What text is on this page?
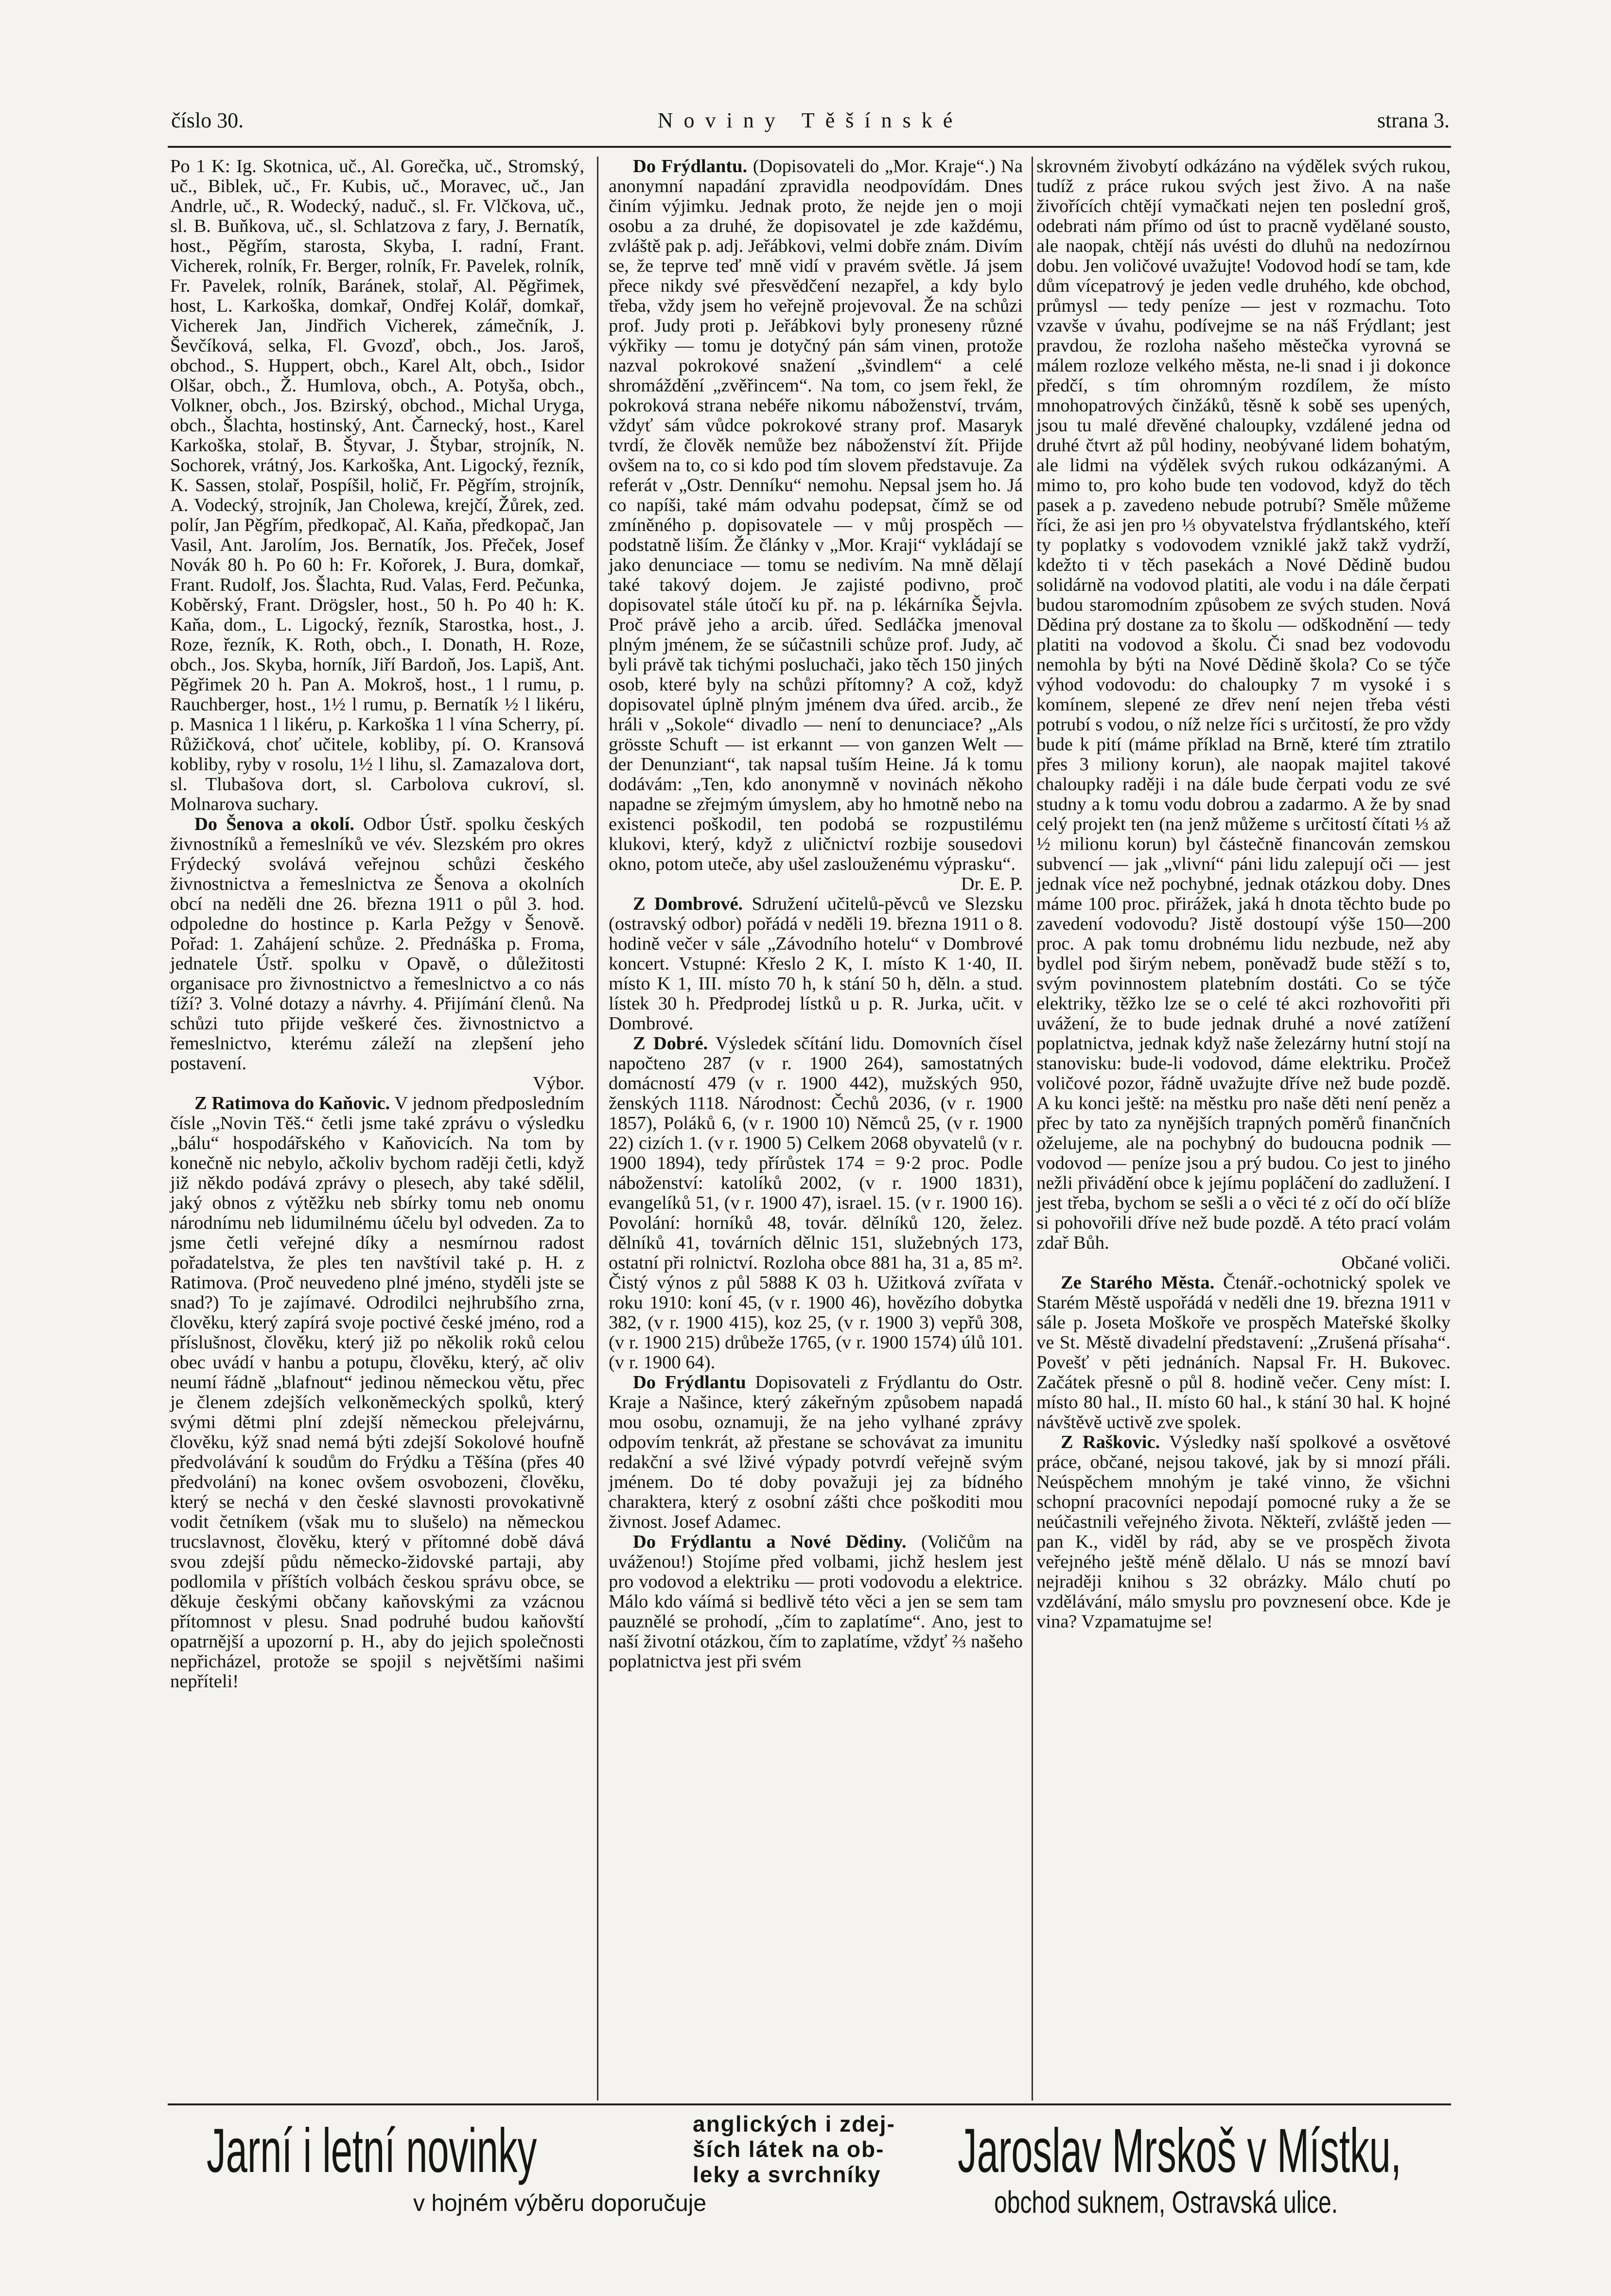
číslo 30.	Noviny Těšínské	strana 3.

Po 1 K: Ig. Skotnica, uč., Al. Gorečka, uč., Stromský, uč., Biblek, uč., Fr. Kubis, uč., Moravec, uč., Jan Andrle, uč., R. Wodecký, naduč., sl. Fr. Vlčkova, uč., sl. B. Buňkova, uč., sl. Schlatzova z fary, J. Bernatík, host., Pěgřím, starosta, Skyba, I. radní, Frant. Vicherek, rolník, Fr. Berger, rolník, Fr. Pavelek, rolník, Fr. Pavelek, rolník, Baránek, stolař, Al. Pěgřimek, host, L. Karkoška, domkař, Ondřej Kolář, domkař, Vicherek Jan, Jindřich Vicherek, zámečník, J. Ševčíková, selka, Fl. Gvozď, obch., Jos. Jaroš, obchod., S. Huppert, obch., Karel Alt, obch., Isidor Olšar, obch., Ž. Humlova, obch., A. Potyša, obch., Volkner, obch., Jos. Bzirský, obchod., Michal Uryga, obch., Šlachta, hostinský, Ant. Čarnecký, host., Karel Karkoška, stolař, B. Štyvar, J. Štybar, strojník, N. Sochorek, vrátný, Jos. Karkoška, Ant. Ligocký, řezník, K. Sassen, stolař, Pospíšil, holič, Fr. Pěgřím, strojník, A. Vodecký, strojník, Jan Cholewa, krejčí, Žůrek, zed. polír, Jan Pěgřím, předkopač, Al. Kaňa, předkopač, Jan Vasil, Ant. Jarolím, Jos. Bernatík, Jos. Přeček, Josef Novák 80 h. Po 60 h: Fr. Kořorek, J. Bura, domkař, Frant. Rudolf, Jos. Šlachta, Rud. Valas, Ferd. Pečunka, Koběrský, Frant. Drögsler, host., 50 h. Po 40 h: K. Kaňa, dom., L. Ligocký, řezník, Starostka, host., J. Roze, řezník, K. Roth, obch., I. Donath, H. Roze, obch., Jos. Skyba, horník, Jiří Bardoň, Jos. Lapiš, Ant. Pěgřimek 20 h. Pan A. Mokroš, host., 1 l rumu, p. Rauchberger, host., 1½ l rumu, p. Bernatík ½ l likéru, p. Masnica 1 l likéru, p. Karkoška 1 l vína Scherry, pí. Růžičková, choť učitele, kobliby, pí. O. Kransová kobliby, ryby v rosolu, 1½ l lihu, sl. Zamazalova dort, sl. Tlubašova dort, sl. Carbolova cukroví, sl. Molnarova suchary.

Do Šenova a okolí. Odbor Ústř. spolku českých živnostníků a řemeslníků ve vév. Slezském pro okres Frýdecký svolává veřejnou schůzi českého živnostnictva a řemeslnictva ze Šenova a okolních obcí na neděli dne 26. března 1911 o půl 3. hod. odpoledne do hostince p. Karla Pežgy v Šenově. Pořad: 1. Zahájení schůze. 2. Přednáška p. Froma, jednatele Ústř. spolku v Opavě, o důležitosti organisace pro živnostnictvo a řemeslnictvo a co nás tíží? 3. Volné dotazy a návrhy. 4. Přijímání členů. Na schůzi tuto přijde veškeré čes. živnostnictvo a řemeslnictvo, kterému záleží na zlepšení jeho postavení.

Výbor.

Z Ratimova do Kaňovic. V jednom předposledním čísle „Novin Těš.“ četli jsme také zprávu o výsledku „bálu“ hospodářského v Kaňovicích. Na tom by konečně nic nebylo, ačkoliv bychom raději četli, když již někdo podává zprávy o plesech, aby také sdělil, jaký obnos z výtěžku neb sbírky tomu neb onomu národnímu neb lidumilnému účelu byl odveden. Za to jsme četli veřejné díky a nesmírnou radost pořadatelstva, že ples ten navštívil také p. H. z Ratimova. (Proč neuvedeno plné jméno, styděli jste se snad?) To je zajímavé. Odrodilci nejhrubšího zrna, člověku, který zapírá svoje poctivé české jméno, rod a příslušnost, člověku, který již po několik roků celou obec uvádí v hanbu a potupu, člověku, který, ač oliv neumí řádně „blafnout“ jedinou německou větu, přec je členem zdejších velkoněmeckých spolků, který svými dětmi plní zdejší německou přelejvárnu, člověku, kýž snad nemá býti zdejší Sokolové houfně předvolávání k soudům do Frýdku a Těšína (přes 40 předvolání) na konec ovšem osvobozeni, člověku, který se nechá v den české slavnosti provokativně vodit četníkem (však mu to slušelo) na německou trucslavnost, člověku, který v přítomné době dává svou zdejší půdu německo-židovské partaji, aby podlomila v příštích volbách českou správu obce, se děkuje českými občany kaňovskými za vzácnou přítomnost v plesu. Snad podruhé budou kaňovští opatrnější a upozorní p. H., aby do jejich společnosti nepřicházel, protože se spojil s největšími našimi nepříteli!

Do Frýdlantu. (Dopisovateli do „Mor. Kraje“.) Na anonymní napadání zpravidla neodpovídám. Dnes činím výjimku. Jednak proto, že nejde jen o moji osobu a za druhé, že dopisovatel je zde každému, zvláště pak p. adj. Jeřábkovi, velmi dobře znám. Divím se, že teprve teď mně vidí v pravém světle. Já jsem přece nikdy své přesvědčení nezapřel, a kdy bylo třeba, vždy jsem ho veřejně projevoval. Že na schůzi prof. Judy proti p. Jeřábkovi byly proneseny různé výkřiky — tomu je dotyčný pán sám vinen, protože nazval pokrokové snažení „švindlem“ a celé shromáždění „zvěřincem“. Na tom, co jsem řekl, že pokroková strana nebéře nikomu náboženství, trvám, vždyť sám vůdce pokrokové strany prof. Masaryk tvrdí, že člověk nemůže bez náboženství žít. Přijde ovšem na to, co si kdo pod tím slovem představuje. Za referát v „Ostr. Denníku“ nemohu. Nepsal jsem ho. Já co napíši, také mám odvahu podepsat, čímž se od zmíněného p. dopisovatele — v můj prospěch — podstatně liším. Že články v „Mor. Kraji“ vykládají se jako denunciace — tomu se nedivím. Na mně dělají také takový dojem. Je zajisté podivno, proč dopisovatel stále útočí ku př. na p. lékárníka Šejvla. Proč právě jeho a arcib. úřed. Sedláčka jmenoval plným jménem, že se súčastnili schůze prof. Judy, ač byli právě tak tichými posluchači, jako těch 150 jiných osob, které byly na schůzi přítomny? A což, když dopisovatel úplně plným jménem dva úřed. arcib., že hráli v „Sokole“ divadlo — není to denunciace? „Als grösste Schuft — ist erkannt — von ganzen Welt — der Denunziant“, tak napsal tuším Heine. Já k tomu dodávám: „Ten, kdo anonymně v novinách někoho napadne se zřejmým úmyslem, aby ho hmotně nebo na existenci poškodil, ten podobá se rozpustilému klukovi, který, když z uličnictví rozbije sousedovi okno, potom uteče, aby ušel zaslouženému výprasku“.

Dr. E. P.

Z Dombrové. Sdružení učitelů-pěvců ve Slezsku (ostravský odbor) pořádá v neděli 19. března 1911 o 8. hodině večer v sále „Závodního hotelu“ v Dombrové koncert. Vstupné: Křeslo 2 K, I. místo K 1·40, II. místo K 1, III. místo 70 h, k stání 50 h, děln. a stud. lístek 30 h. Předprodej lístků u p. R. Jurka, učit. v Dombrové.

Z Dobré. Výsledek sčítání lidu. Domovních čísel napočteno 287 (v r. 1900 264), samostatných domácností 479 (v r. 1900 442), mužských 950, ženských 1118. Národnost: Čechů 2036, (v r. 1900 1857), Poláků 6, (v r. 1900 10) Němců 25, (v r. 1900 22) cizích 1. (v r. 1900 5) Celkem 2068 obyvatelů (v r. 1900 1894), tedy přírůstek 174 = 9·2 proc. Podle náboženství: katolíků 2002, (v r. 1900 1831), evangelíků 51, (v r. 1900 47), israel. 15. (v r. 1900 16). Povolání: horníků 48, továr. dělníků 120, želez. dělníků 41, továrních dělnic 151, služebných 173, ostatní při rolnictví. Rozloha obce 881 ha, 31 a, 85 m². Čistý výnos z půl 5888 K 03 h. Užitková zvířata v roku 1910: koní 45, (v r. 1900 46), hovězího dobytka 382, (v r. 1900 415), koz 25, (v r. 1900 3) vepřů 308, (v r. 1900 215) drůbeže 1765, (v r. 1900 1574) úlů 101. (v r. 1900 64).

Do Frýdlantu Dopisovateli z Frýdlantu do Ostr. Kraje a Našince, který zákeřným způsobem napadá mou osobu, oznamuji, že na jeho vylhané zprávy odpovím tenkrát, až přestane se schovávat za imunitu redakční a své lživé výpady potvrdí veřejně svým jménem. Do té doby považuji jej za bídného charaktera, který z osobní zášti chce poškoditi mou živnost. Josef Adamec.

Do Frýdlantu a Nové Dědiny. (Voličům na uváženou!) Stojíme před volbami, jichž heslem jest pro vodovod a elektriku — proti vodovodu a elektrice. Málo kdo váímá si bedlivě této věci a jen se sem tam pauznělé se prohodí, „čím to zaplatíme“. Ano, jest to naší životní otázkou, čím to zaplatíme, vždyť ⅔ našeho poplatnictva jest při svém

skrovném živobytí odkázáno na výdělek svých rukou, tudíž z práce rukou svých jest živo. A na naše živořících chtějí vymačkati nejen ten poslední groš, odebrati nám přímo od úst to pracně vydělané sousto, ale naopak, chtějí nás uvésti do dluhů na nedozírnou dobu. Jen voličové uvažujte! Vodovod hodí se tam, kde dům vícepatrový je jeden vedle druhého, kde obchod, průmysl — tedy peníze — jest v rozmachu. Toto vzavše v úvahu, podívejme se na náš Frýdlant; jest pravdou, že rozloha našeho městečka vyrovná se málem rozloze velkého města, ne-li snad i ji dokonce předčí, s tím ohromným rozdílem, že místo mnohopatrových činžáků, těsně k sobě ses upených, jsou tu malé dřevěné chaloupky, vzdálené jedna od druhé čtvrt až půl hodiny, neobývané lidem bohatým, ale lidmi na výdělek svých rukou odkázanými. A mimo to, pro koho bude ten vodovod, když do těch pasek a p. zavedeno nebude potrubí? Směle můžeme říci, že asi jen pro ⅓ obyvatelstva frýdlantského, kteří ty poplatky s vodovodem vzniklé jakž takž vydrží, kdežto ti v těch pasekách a Nové Dědině budou solidárně na vodovod platiti, ale vodu i na dále čerpati budou staromodním způsobem ze svých studen. Nová Dědina prý dostane za to školu — odškodnění — tedy platiti na vodovod a školu. Či snad bez vodovodu nemohla by býti na Nové Dědině škola? Co se týče výhod vodovodu: do chaloupky 7 m vysoké i s komínem, slepené ze dřev není nejen třeba vésti potrubí s vodou, o níž nelze říci s určitostí, že pro vždy bude k pití (máme příklad na Brně, které tím ztratilo přes 3 miliony korun), ale naopak majitel takové chaloupky raději i na dále bude čerpati vodu ze své studny a k tomu vodu dobrou a zadarmo. A že by snad celý projekt ten (na jenž můžeme s určitostí čítati ⅓ až ½ milionu korun) byl částečně financován zemskou subvencí — jak „vlivní“ páni lidu zalepují oči — jest jednak více než pochybné, jednak otázkou doby. Dnes máme 100 proc. přirážek, jaká h dnota těchto bude po zavedení vodovodu? Jistě dostoupí výše 150—200 proc. A pak tomu drobnému lidu nezbude, než aby bydlel pod širým nebem, poněvadž bude stěží s to, svým povinnostem platebním dostáti. Co se týče elektriky, těžko lze se o celé té akci rozhovořiti při uvážení, že to bude jednak druhé a nové zatížení poplatnictva, jednak když naše železárny hutní stojí na stanovisku: bude-li vodovod, dáme elektriku. Pročež voličové pozor, řádně uvažujte dříve než bude pozdě. A ku konci ještě: na městku pro naše děti není peněz a přec by tato za nynějších trapných poměrů finančních oželujeme, ale na pochybný do budoucna podnik — vodovod — peníze jsou a prý budou. Co jest to jiného nežli přivádění obce k jejímu popláčení do zadlužení. I jest třeba, bychom se sešli a o věci té z očí do očí blíže si pohovořili dříve než bude pozdě. A této prací volám zdař Bůh.

Občané voliči.

Ze Starého Města. Čtenář.-ochotnický spolek ve Starém Městě uspořádá v neděli dne 19. března 1911 v sále p. Joseta Moškoře ve prospěch Mateřské školky ve St. Městě divadelní představení: „Zrušená přísaha“. Povešť v pěti jednáních. Napsal Fr. H. Bukovec. Začátek přesně o půl 8. hodině večer. Ceny míst: I. místo 80 hal., II. místo 60 hal., k stání 30 hal. K hojné návštěvě uctivě zve spolek.

Z Raškovic. Výsledky naší spolkové a osvětové práce, občané, nejsou takové, jak by si mnozí přáli. Neúspěchem mnohým je také vinno, že všichni schopní pracovníci nepodají pomocné ruky a že se neúčastnili veřejného života. Někteří, zvláště jeden — pan K., viděl by rád, aby se ve prospěch života veřejného ještě méně dělalo. U nás se mnozí baví nejraději knihou s 32 obrázky. Málo chutí po vzdělávání, málo smyslu pro povznesení obce. Kde je vina? Vzpamatujme se!

Jarní i letní novinky	anglických i zdej-
ších látek na ob-
leky a svrchníky Jaroslav Mrskoš v Místku,
v hojném výběru doporučuje	obchod suknem, Ostravská ulice.
